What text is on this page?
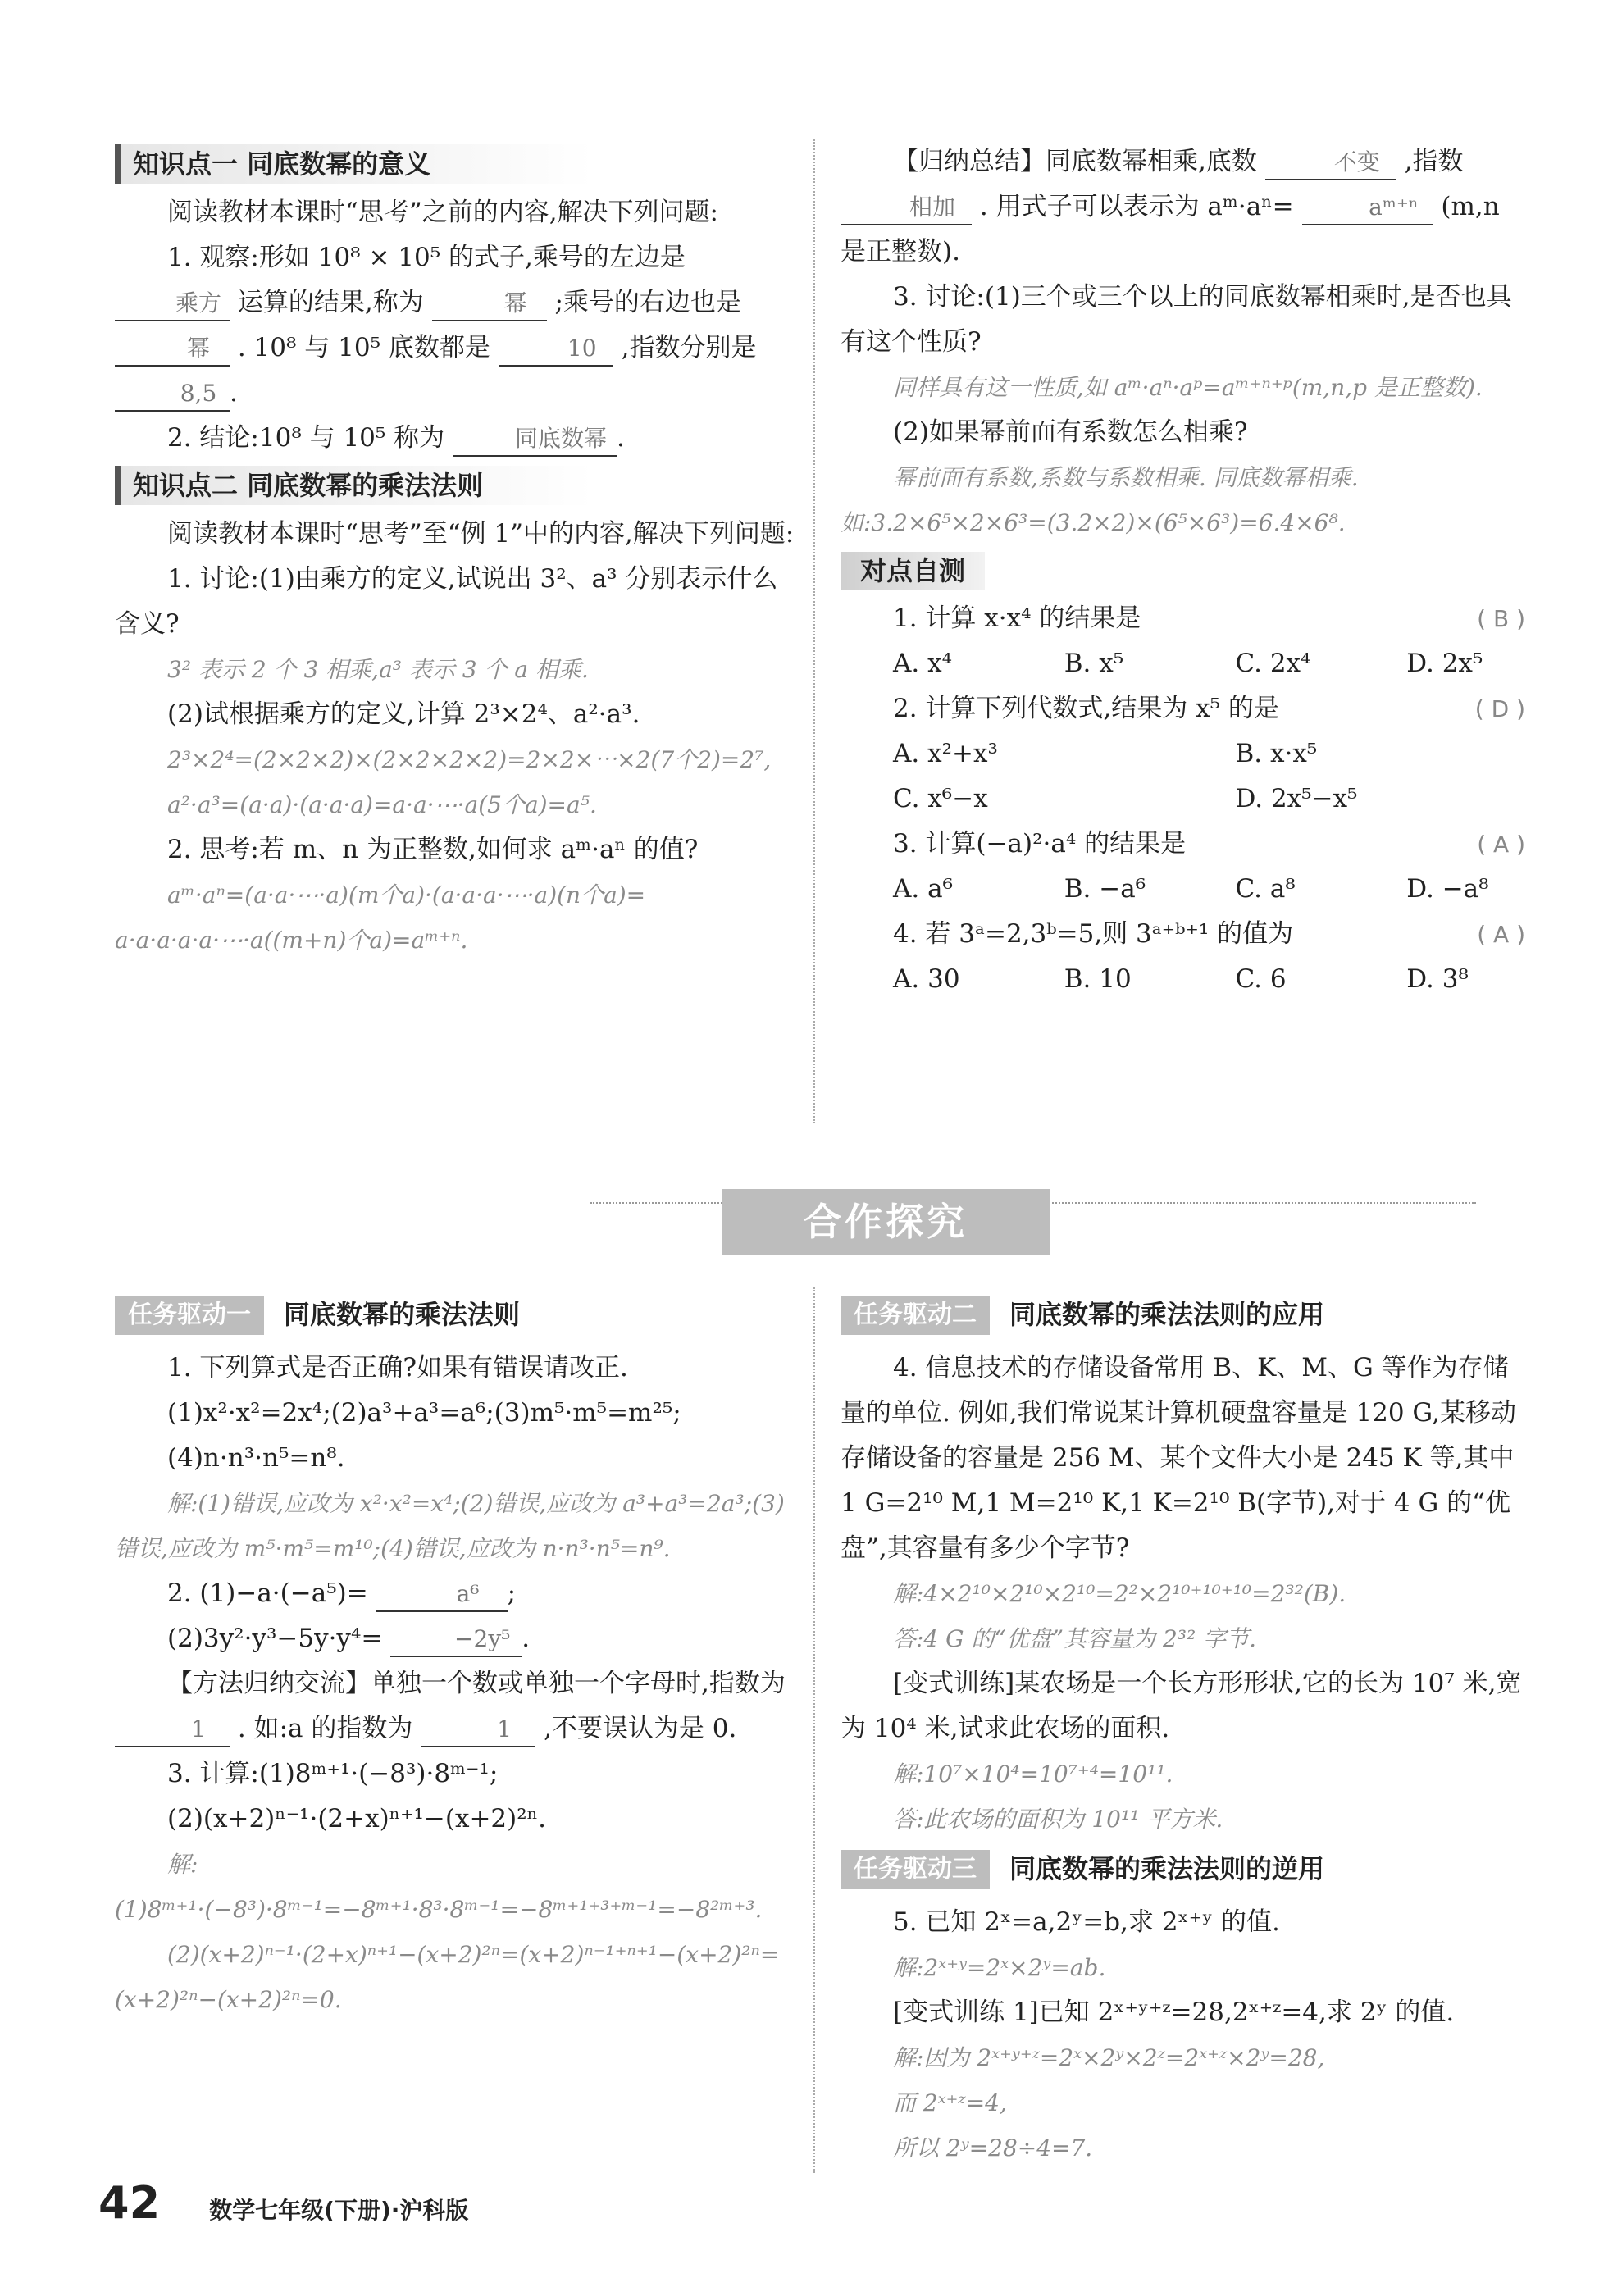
知识点一 同底数幂的意义

阅读教材本课时“思考”之前的内容,解决下列问题:

1. 观察:形如 10⁸ × 10⁵ 的式子,乘号的左边是 乘方 运算的结果,称为	幂 ;乘号的右边也是 幂 . 10⁸ 与 10⁵ 底数都是	10 ,指数分别是 8,5 .

2. 结论:10⁸ 与 10⁵ 称为	同底数幂 .

知识点二 同底数幂的乘法法则

阅读教材本课时“思考”至“例 1”中的内容,解决下列问题:

1. 讨论:(1)由乘方的定义,试说出 3²、a³ 分别表示什么含义?

3² 表示 2 个 3 相乘,a³ 表示 3 个 a 相乘.

(2)试根据乘方的定义,计算 2³×2⁴、a²·a³.

2³×2⁴=(2×2×2)×(2×2×2×2)=2×2×⋯×2(7个2)=2⁷,

a²·a³=(a·a)·(a·a·a)=a·a·⋯·a(5个a)=a⁵.

2. 思考:若 m、n 为正整数,如何求 aᵐ·aⁿ 的值?

aᵐ·aⁿ=(a·a·⋯·a)(m个a)·(a·a·a·⋯·a)(n个a)=

a·a·a·a·a·⋯·a((m+n)个a)=aᵐ⁺ⁿ.

【归纳总结】同底数幂相乘,底数	不变 ,指数 相加 . 用式子可以表示为 aᵐ·aⁿ=	aᵐ⁺ⁿ (m,n 是正整数).

3. 讨论:(1)三个或三个以上的同底数幂相乘时,是否也具有这个性质?

同样具有这一性质,如 aᵐ·aⁿ·aᵖ=aᵐ⁺ⁿ⁺ᵖ(m,n,p 是正整数).

(2)如果幂前面有系数怎么相乘?

幂前面有系数,系数与系数相乘. 同底数幂相乘. 如:3.2×6⁵×2×6³=(3.2×2)×(6⁵×6³)=6.4×6⁸.

对点自测
1. 计算 x·x⁴ 的结果是	( B )
A. x⁴	B. x⁵	C. 2x⁴	D. 2x⁵
2. 计算下列代数式,结果为 x⁵ 的是	( D )
A. x²+x³	B. x·x⁵
C. x⁶−x	D. 2x⁵−x⁵
3. 计算(−a)²·a⁴ 的结果是	( A )
A. a⁶	B. −a⁶	C. a⁸	D. −a⁸
4. 若 3ᵃ=2,3ᵇ=5,则 3ᵃ⁺ᵇ⁺¹ 的值为	( A )
A. 30	B. 10	C. 6	D. 3⁸
合作探究
任务驱动一	同底数幂的乘法法则

1. 下列算式是否正确?如果有错误请改正.

(1)x²·x²=2x⁴;(2)a³+a³=a⁶;(3)m⁵·m⁵=m²⁵;

(4)n·n³·n⁵=n⁸.

解:(1)错误,应改为 x²·x²=x⁴;(2)错误,应改为 a³+a³=2a³;(3)错误,应改为 m⁵·m⁵=m¹⁰;(4)错误,应改为 n·n³·n⁵=n⁹.

2. (1)−a·(−a⁵)=	a⁶ ;

(2)3y²·y³−5y·y⁴=	−2y⁵ .

【方法归纳交流】单独一个数或单独一个字母时,指数为 1 . 如:a 的指数为	1 ,不要误认为是 0.

3. 计算:(1)8ᵐ⁺¹·(−8³)·8ᵐ⁻¹;

(2)(x+2)ⁿ⁻¹·(2+x)ⁿ⁺¹−(x+2)²ⁿ.

解:(1)8ᵐ⁺¹·(−8³)·8ᵐ⁻¹=−8ᵐ⁺¹·8³·8ᵐ⁻¹=−8ᵐ⁺¹⁺³⁺ᵐ⁻¹=−8²ᵐ⁺³.

(2)(x+2)ⁿ⁻¹·(2+x)ⁿ⁺¹−(x+2)²ⁿ=(x+2)ⁿ⁻¹⁺ⁿ⁺¹−(x+2)²ⁿ=(x+2)²ⁿ−(x+2)²ⁿ=0.

任务驱动二	同底数幂的乘法法则的应用

4. 信息技术的存储设备常用 B、K、M、G 等作为存储量的单位. 例如,我们常说某计算机硬盘容量是 120 G,某移动存储设备的容量是 256 M、某个文件大小是 245 K 等,其中 1 G=2¹⁰ M,1 M=2¹⁰ K,1 K=2¹⁰ B(字节),对于 4 G 的“优盘”,其容量有多少个字节?

解:4×2¹⁰×2¹⁰×2¹⁰=2²×2¹⁰⁺¹⁰⁺¹⁰=2³²(B).

答:4 G 的“优盘”其容量为 2³² 字节.

[变式训练]某农场是一个长方形形状,它的长为 10⁷ 米,宽为 10⁴ 米,试求此农场的面积.

解:10⁷×10⁴=10⁷⁺⁴=10¹¹.

答:此农场的面积为 10¹¹ 平方米.

任务驱动三	同底数幂的乘法法则的逆用

5. 已知 2ˣ=a,2ʸ=b,求 2ˣ⁺ʸ 的值.

解:2ˣ⁺ʸ=2ˣ×2ʸ=ab.

[变式训练 1]已知 2ˣ⁺ʸ⁺ᶻ=28,2ˣ⁺ᶻ=4,求 2ʸ 的值.

解:因为 2ˣ⁺ʸ⁺ᶻ=2ˣ×2ʸ×2ᶻ=2ˣ⁺ᶻ×2ʸ=28,

而 2ˣ⁺ᶻ=4,

所以 2ʸ=28÷4=7.

42 数学七年级(下册)·沪科版
